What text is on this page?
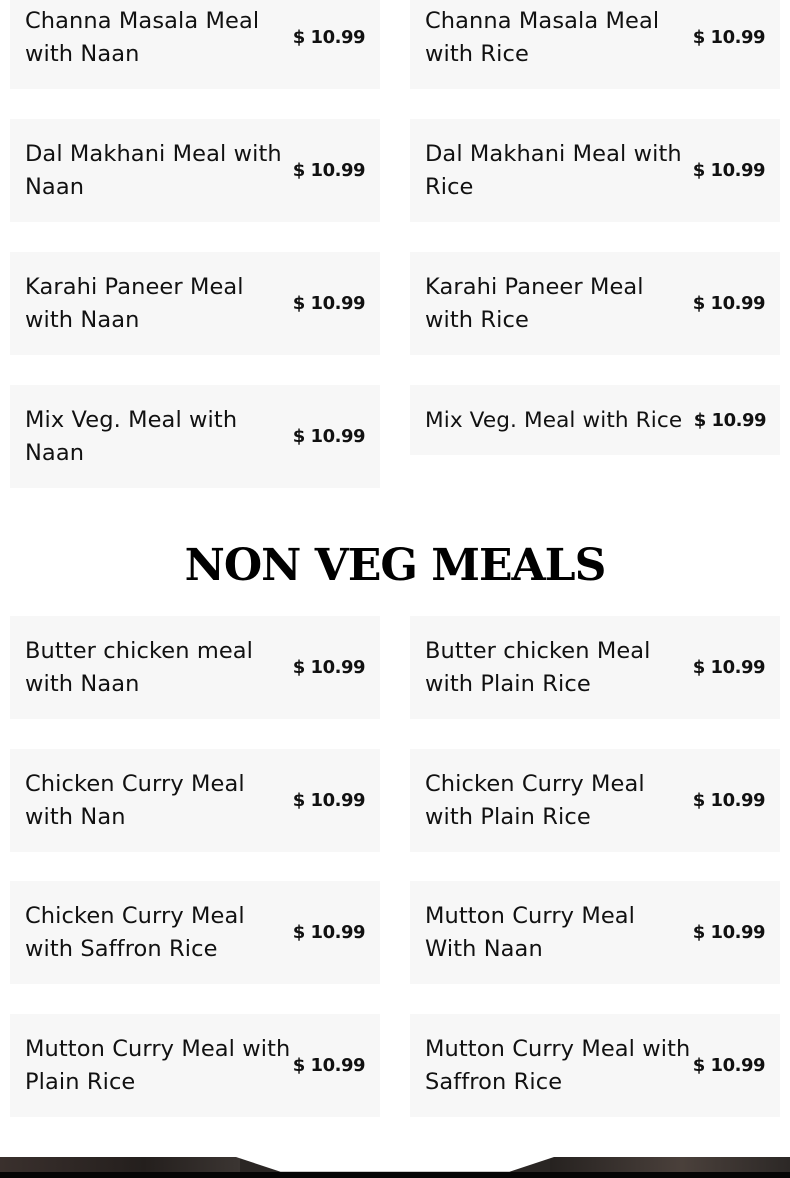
Channa Masala Meal with Naan
$ 10.99
Channa Masala Meal with Rice
$ 10.99
Dal Makhani Meal with Naan
$ 10.99
Dal Makhani Meal with Rice
$ 10.99
Karahi Paneer Meal with Naan
$ 10.99
Karahi Paneer Meal with Rice
$ 10.99
Mix Veg. Meal with Naan
$ 10.99
Mix Veg. Meal with Rice $ 10.99
NON VEG MEALS
Butter chicken meal with Naan
$ 10.99
Butter chicken Meal with Plain Rice
$ 10.99
Chicken Curry Meal with Nan
$ 10.99
Chicken Curry Meal with Plain Rice
$ 10.99
Chicken Curry Meal with Saffron Rice
$ 10.99
Mutton Curry Meal With Naan
$ 10.99
Mutton Curry Meal with Plain Rice
$ 10.99
Mutton Curry Meal with Saffron Rice
$ 10.99
